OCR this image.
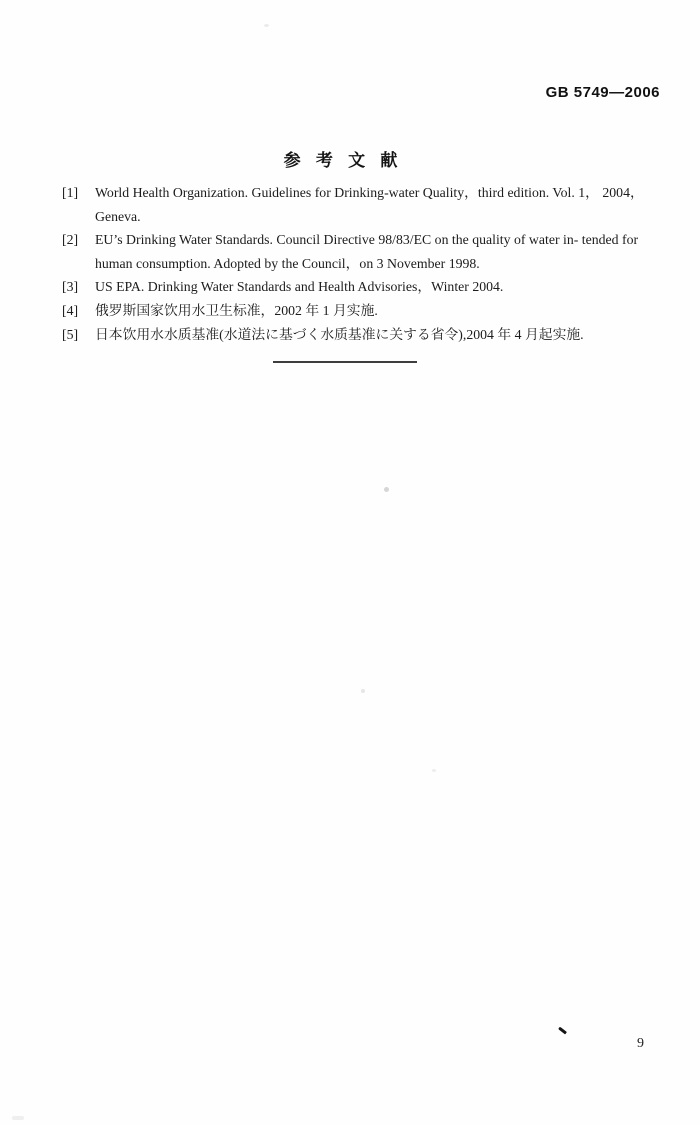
GB 5749—2006
参 考 文 献
[1]	World Health Organization. Guidelines for Drinking-water Quality，third edition. Vol. 1， 2004，Geneva.
[2]	EU’s Drinking Water Standards. Council Directive 98/83/EC on the quality of water in- tended for human consumption. Adopted by the Council，on 3 November 1998.
[3]	US EPA. Drinking Water Standards and Health Advisories，Winter 2004.
[4]	俄罗斯国家饮用水卫生标准，2002 年 1 月实施.
[5]	日本饮用水水质基准(水道法に基づく水质基准に关する省令),2004 年 4 月起实施.
9
